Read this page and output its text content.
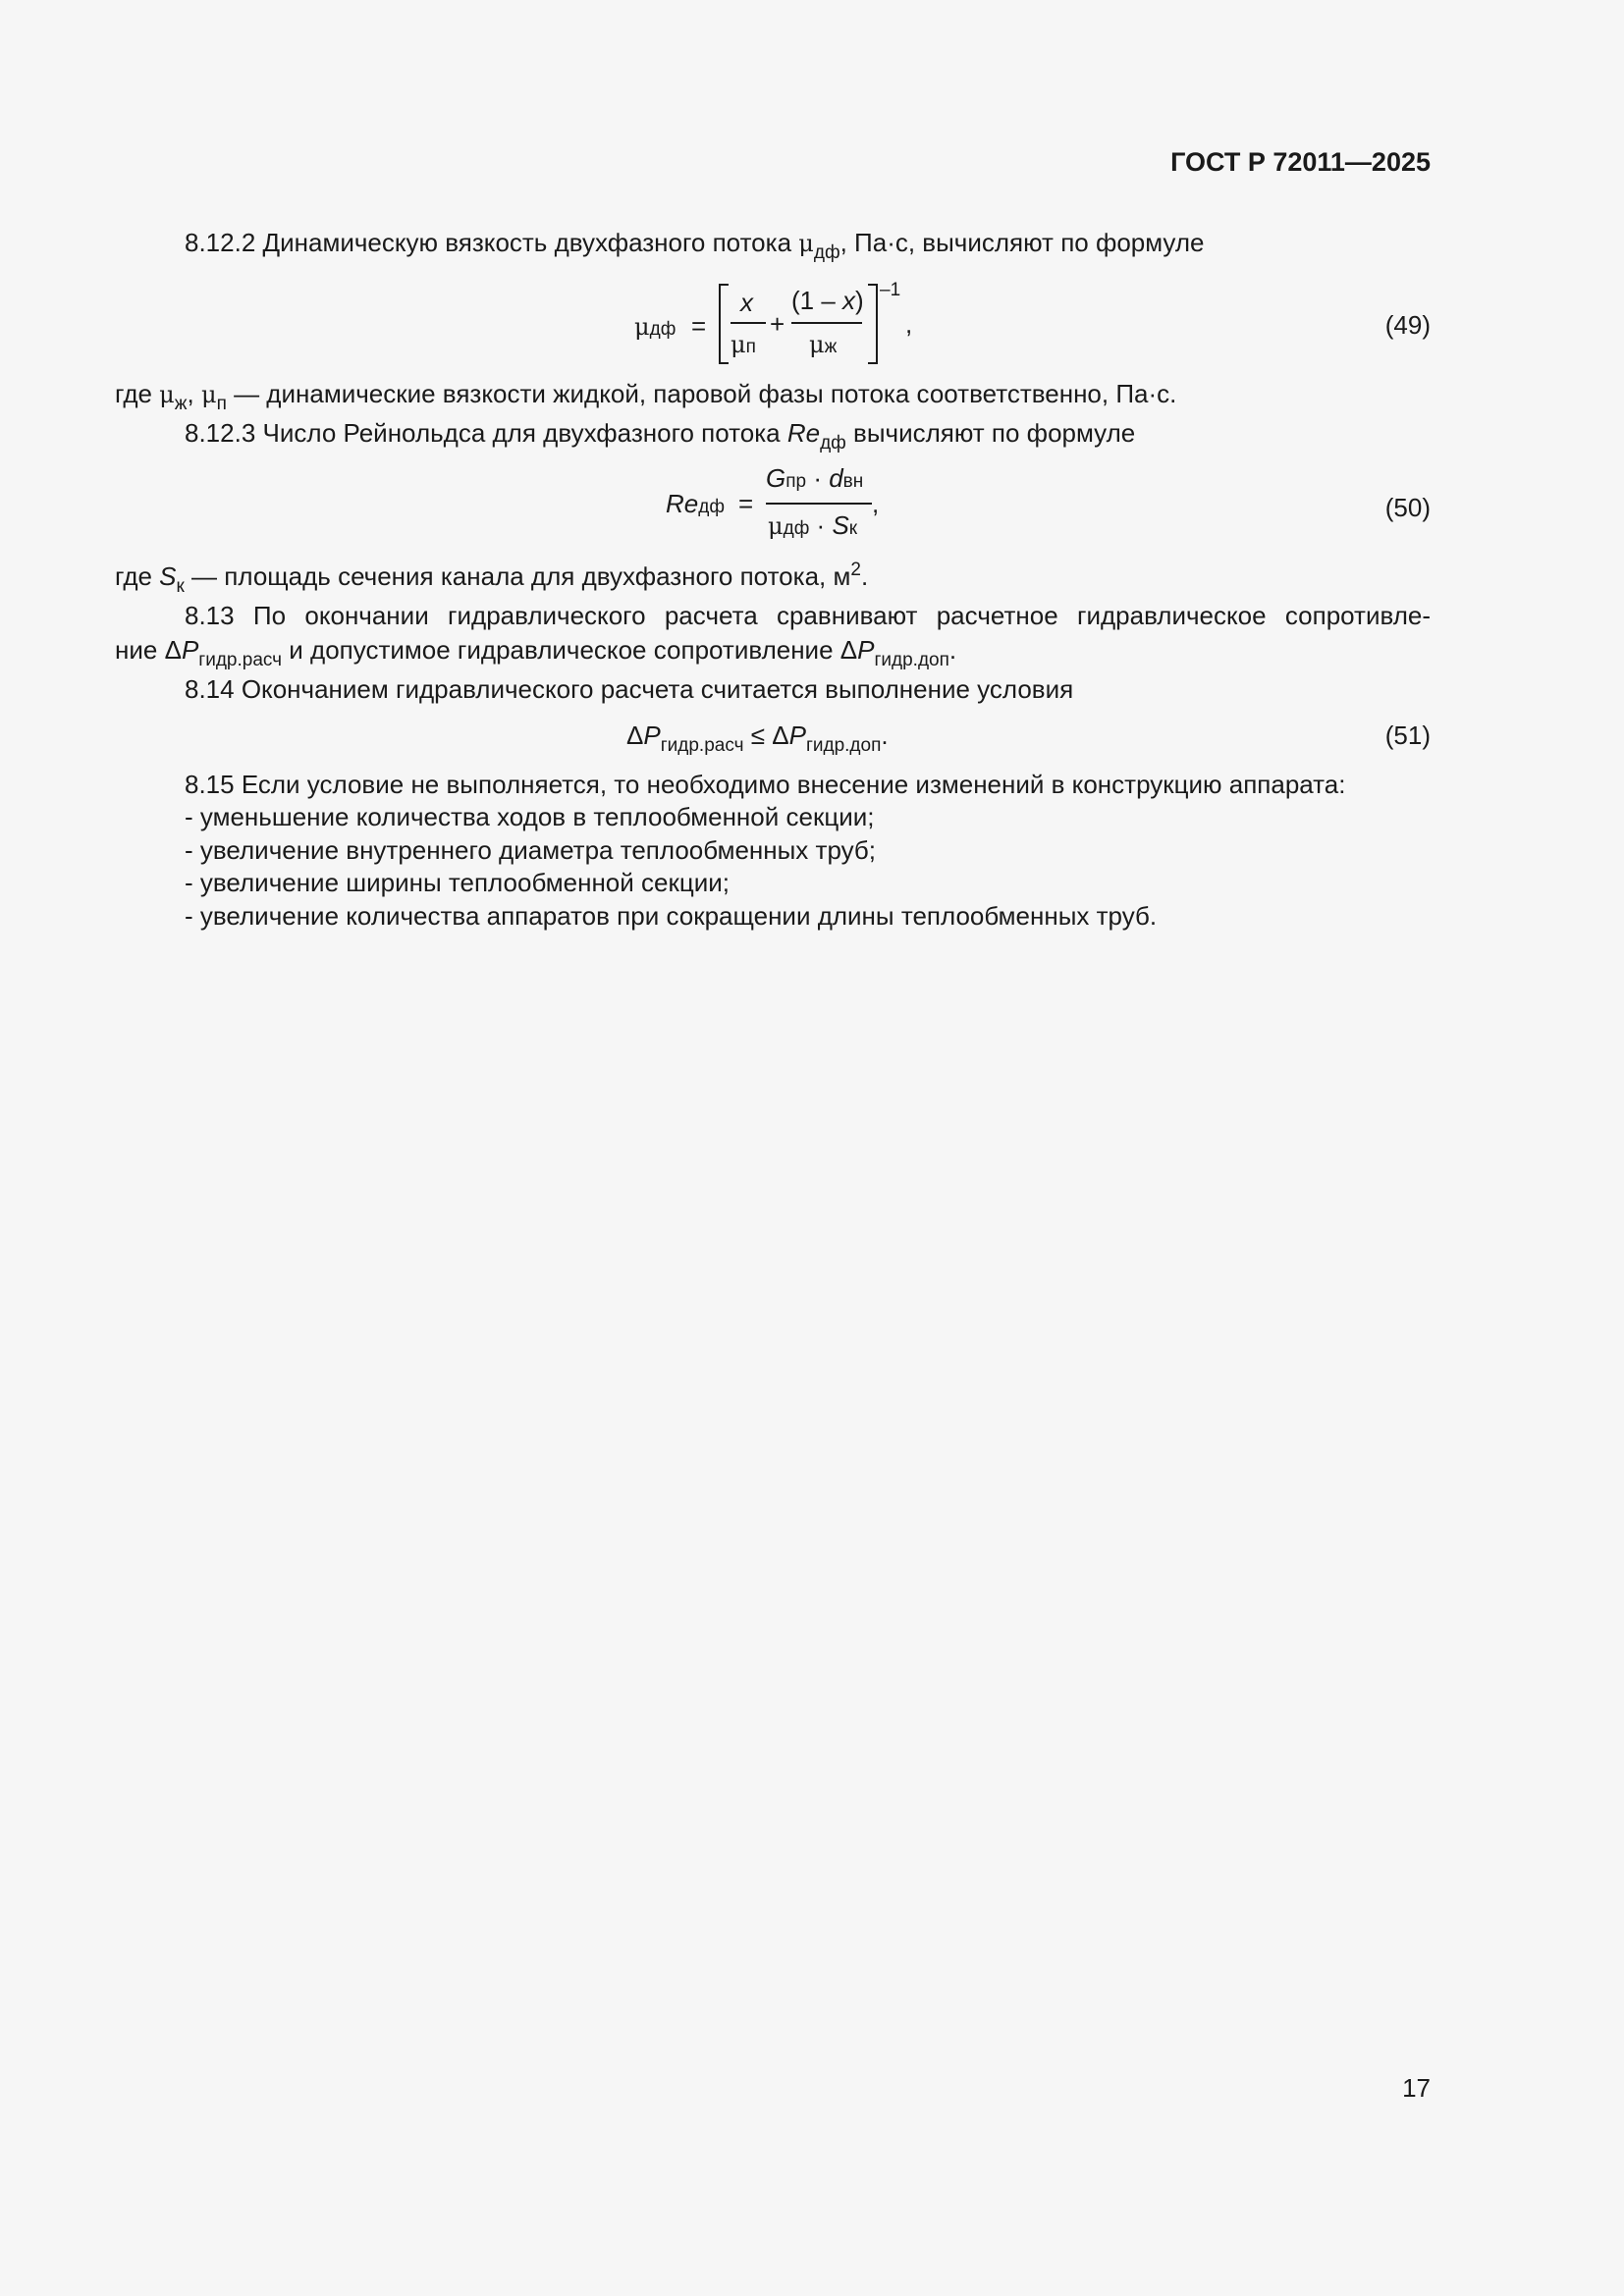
ГОСТ Р 72011—2025
8.12.2 Динамическую вязкость двухфазного потока $\mu_{дф}$, Па·с, вычисляют по формуле
μдф =
x
μп
+
(1 – x)
μж
–1
,	(49)
где $\mu_ж$, $\mu_п$ — динамические вязкости жидкой, паровой фазы потока соответственно, Па·с.
8.12.3 Число Рейнольдса для двухфазного потока $Re_{дф}$ вычисляют по формуле
Reдф =
Gпр · dвн
μдф · Sк
,	(50)
где $S_к$ — площадь сечения канала для двухфазного потока, $м^2$.
8.13 По окончании гидравлического расчета сравнивают расчетное гидравлическое сопротивле-
ние $\Delta P_{гидр.расч}$ и допустимое гидравлическое сопротивление $\Delta P_{гидр.доп}$.
8.14 Окончанием гидравлического расчета считается выполнение условия
$\Delta P_{гидр.расч} \le \Delta P_{гидр.доп}$.	(51)
8.15 Если условие не выполняется, то необходимо внесение изменений в конструкцию аппарата:
- уменьшение количества ходов в теплообменной секции;
- увеличение внутреннего диаметра теплообменных труб;
- увеличение ширины теплообменной секции;
- увеличение количества аппаратов при сокращении длины теплообменных труб.
17
